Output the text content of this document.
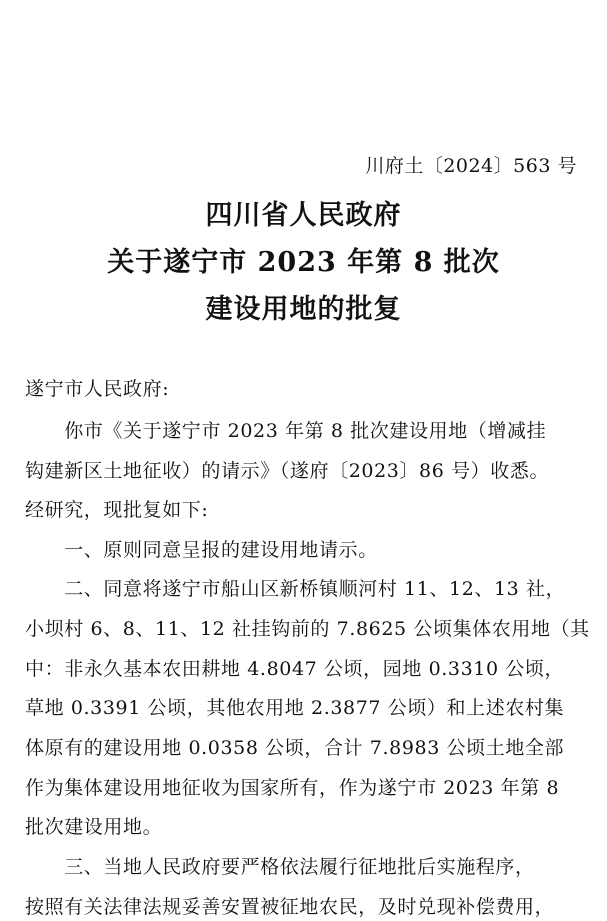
川府土〔2024〕563 号
四川省人民政府
关于遂宁市 2023 年第 8 批次
建设用地的批复
遂宁市人民政府:
　　你市《关于遂宁市 2023 年第 8 批次建设用地（增减挂
钩建新区土地征收）的请示》（遂府〔2023〕86 号）收悉。
经研究，现批复如下:
　　一、原则同意呈报的建设用地请示。
　　二、同意将遂宁市船山区新桥镇顺河村 11、12、13 社，
小坝村 6、8、11、12 社挂钩前的 7.8625 公顷集体农用地（其
中：非永久基本农田耕地 4.8047 公顷，园地 0.3310 公顷，
草地 0.3391 公顷，其他农用地 2.3877 公顷）和上述农村集
体原有的建设用地 0.0358 公顷，合计 7.8983 公顷土地全部
作为集体建设用地征收为国家所有，作为遂宁市 2023 年第 8
批次建设用地。
　　三、当地人民政府要严格依法履行征地批后实施程序，
按照有关法律法规妥善安置被征地农民，及时兑现补偿费用，
